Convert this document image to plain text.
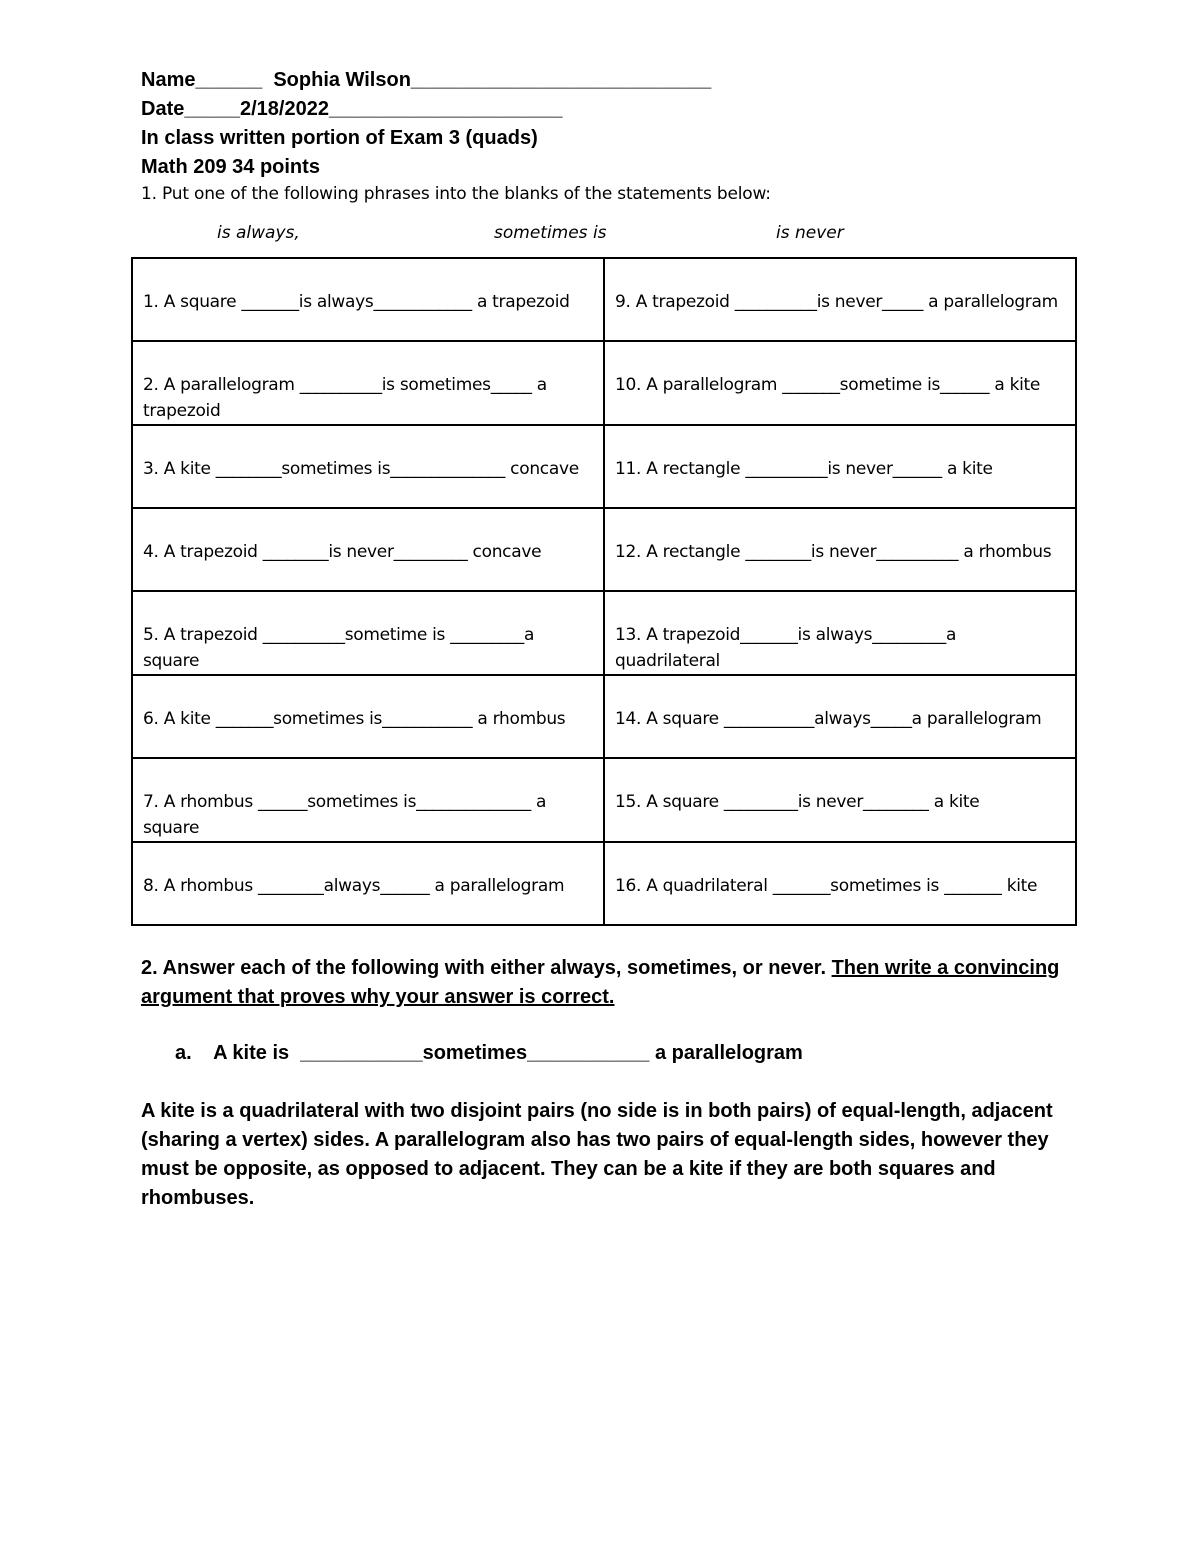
Name______  Sophia Wilson___________________________
Date_____2/18/2022_____________________
In class written portion of Exam 3 (quads)
Math 209 34 points
1. Put one of the following phrases into the blanks of the statements below:
is always,	sometimes is	is never
1. A square _______is always____________ a trapezoid	9. A trapezoid __________is never_____ a parallelogram
2. A parallelogram __________is sometimes_____ a trapezoid	10. A parallelogram _______sometime is______ a kite
3. A kite ________sometimes is______________ concave	11. A rectangle __________is never______ a kite
4. A trapezoid ________is never_________ concave	12. A rectangle ________is never__________ a rhombus
5. A trapezoid __________sometime is _________a square	13. A trapezoid_______is always_________a quadrilateral
6. A kite _______sometimes is___________ a rhombus	14. A square ___________always_____a parallelogram
7. A rhombus ______sometimes is______________ a square	15. A square _________is never________ a kite
8. A rhombus ________always______ a parallelogram	16. A quadrilateral _______sometimes is _______ kite
2. Answer each of the following with either always, sometimes, or never. Then write a convincing argument that proves why your answer is correct.
a.    A kite is  ___________sometimes___________ a parallelogram
A kite is a quadrilateral with two disjoint pairs (no side is in both pairs) of equal-length, adjacent (sharing a vertex) sides. A parallelogram also has two pairs of equal-length sides, however they must be opposite, as opposed to adjacent. They can be a kite if they are both squares and rhombuses.
